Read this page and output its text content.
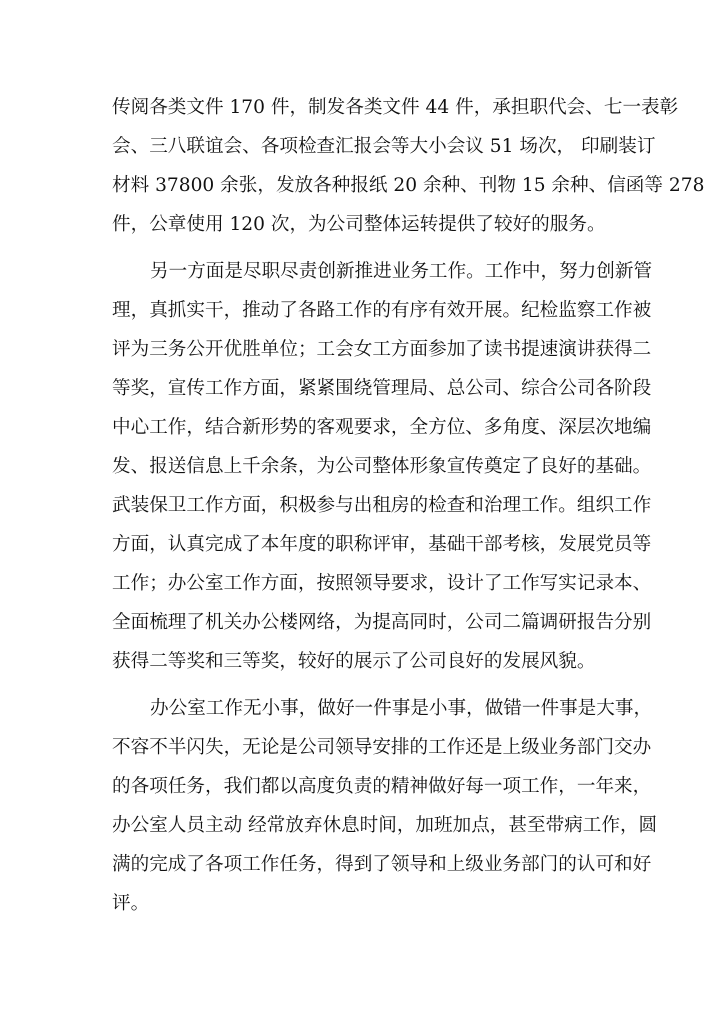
传阅各类文件 170 件，制发各类文件 44 件，承担职代会、七一表彰
会、三八联谊会、各项检查汇报会等大小会议 51 场次， 印刷装订
材料 37800 余张，发放各种报纸 20 余种、刊物 15 余种、信函等 278
件，公章使用 120 次，为公司整体运转提供了较好的服务。
另一方面是尽职尽责创新推进业务工作。工作中，努力创新管
理，真抓实干，推动了各路工作的有序有效开展。纪检监察工作被
评为三务公开优胜单位；工会女工方面参加了读书提速演讲获得二
等奖，宣传工作方面，紧紧围绕管理局、总公司、综合公司各阶段
中心工作，结合新形势的客观要求，全方位、多角度、深层次地编
发、报送信息上千余条，为公司整体形象宣传奠定了良好的基础。
武装保卫工作方面，积极参与出租房的检查和治理工作。组织工作
方面，认真完成了本年度的职称评审，基础干部考核，发展党员等
工作；办公室工作方面，按照领导要求，设计了工作写实记录本、
全面梳理了机关办公楼网络，为提高同时，公司二篇调研报告分别
获得二等奖和三等奖，较好的展示了公司良好的发展风貌。
办公室工作无小事，做好一件事是小事，做错一件事是大事，
不容不半闪失，无论是公司领导安排的工作还是上级业务部门交办
的各项任务，我们都以高度负责的精神做好每一项工作，一年来，
办公室人员主动 经常放弃休息时间，加班加点，甚至带病工作，圆
满的完成了各项工作任务，得到了领导和上级业务部门的认可和好
评。
